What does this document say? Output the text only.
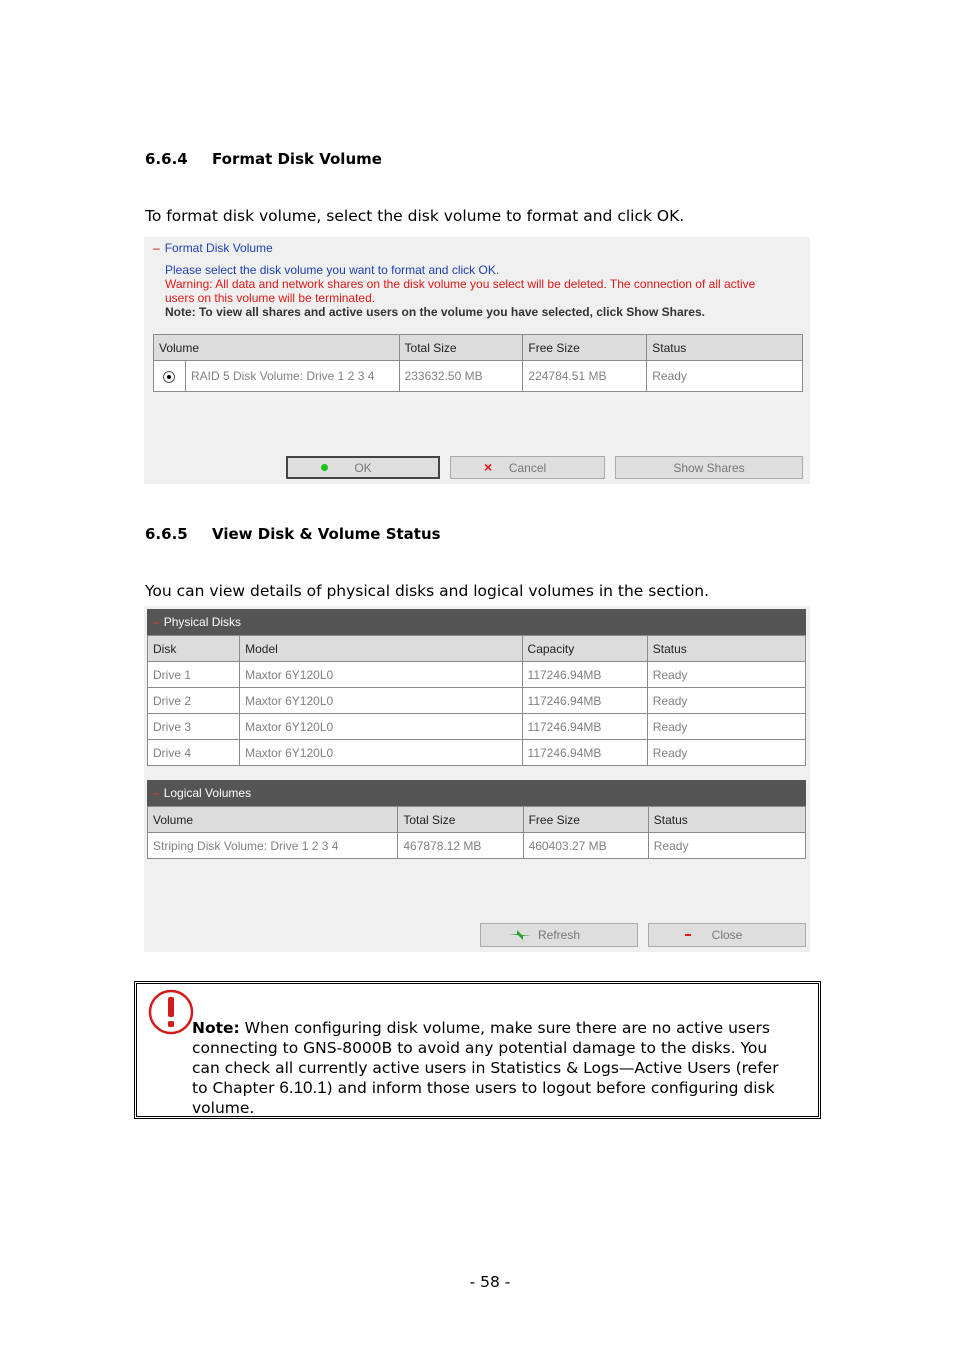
6.6.4 Format Disk Volume
To format disk volume, select the disk volume to format and click OK.
– Format Disk Volume
Please select the disk volume you want to format and click OK.
Warning: All data and network shares on the disk volume you select will be deleted. The connection of all active
users on this volume will be terminated.
Note: To view all shares and active users on the volume you have selected, click Show Shares.
Volume		Total Size	Free Size	Status

	RAID 5 Disk Volume: Drive 1 2 3 4	233632.50 MB	224784.51 MB	Ready
OK	×	Cancel	Show Shares
6.6.5 View Disk & Volume Status
You can view details of physical disks and logical volumes in the section.
– Physical Disks
Disk	Model	Capacity	Status
Drive 1	Maxtor 6Y120L0	117246.94MB	Ready
Drive 2	Maxtor 6Y120L0	117246.94MB	Ready
Drive 3	Maxtor 6Y120L0	117246.94MB	Ready
Drive 4	Maxtor 6Y120L0	117246.94MB	Ready
– Logical Volumes
Volume	Total Size	Free Size	Status
Striping Disk Volume: Drive 1 2 3 4	467878.12 MB	460403.27 MB	Ready
Refresh	Close
Note: When configuring disk volume, make sure there are no active users
connecting to GNS-8000B to avoid any potential damage to the disks. You
can check all currently active users in Statistics & Logs—Active Users (refer
to Chapter 6.10.1) and inform those users to logout before configuring disk
volume.
- 58 -
